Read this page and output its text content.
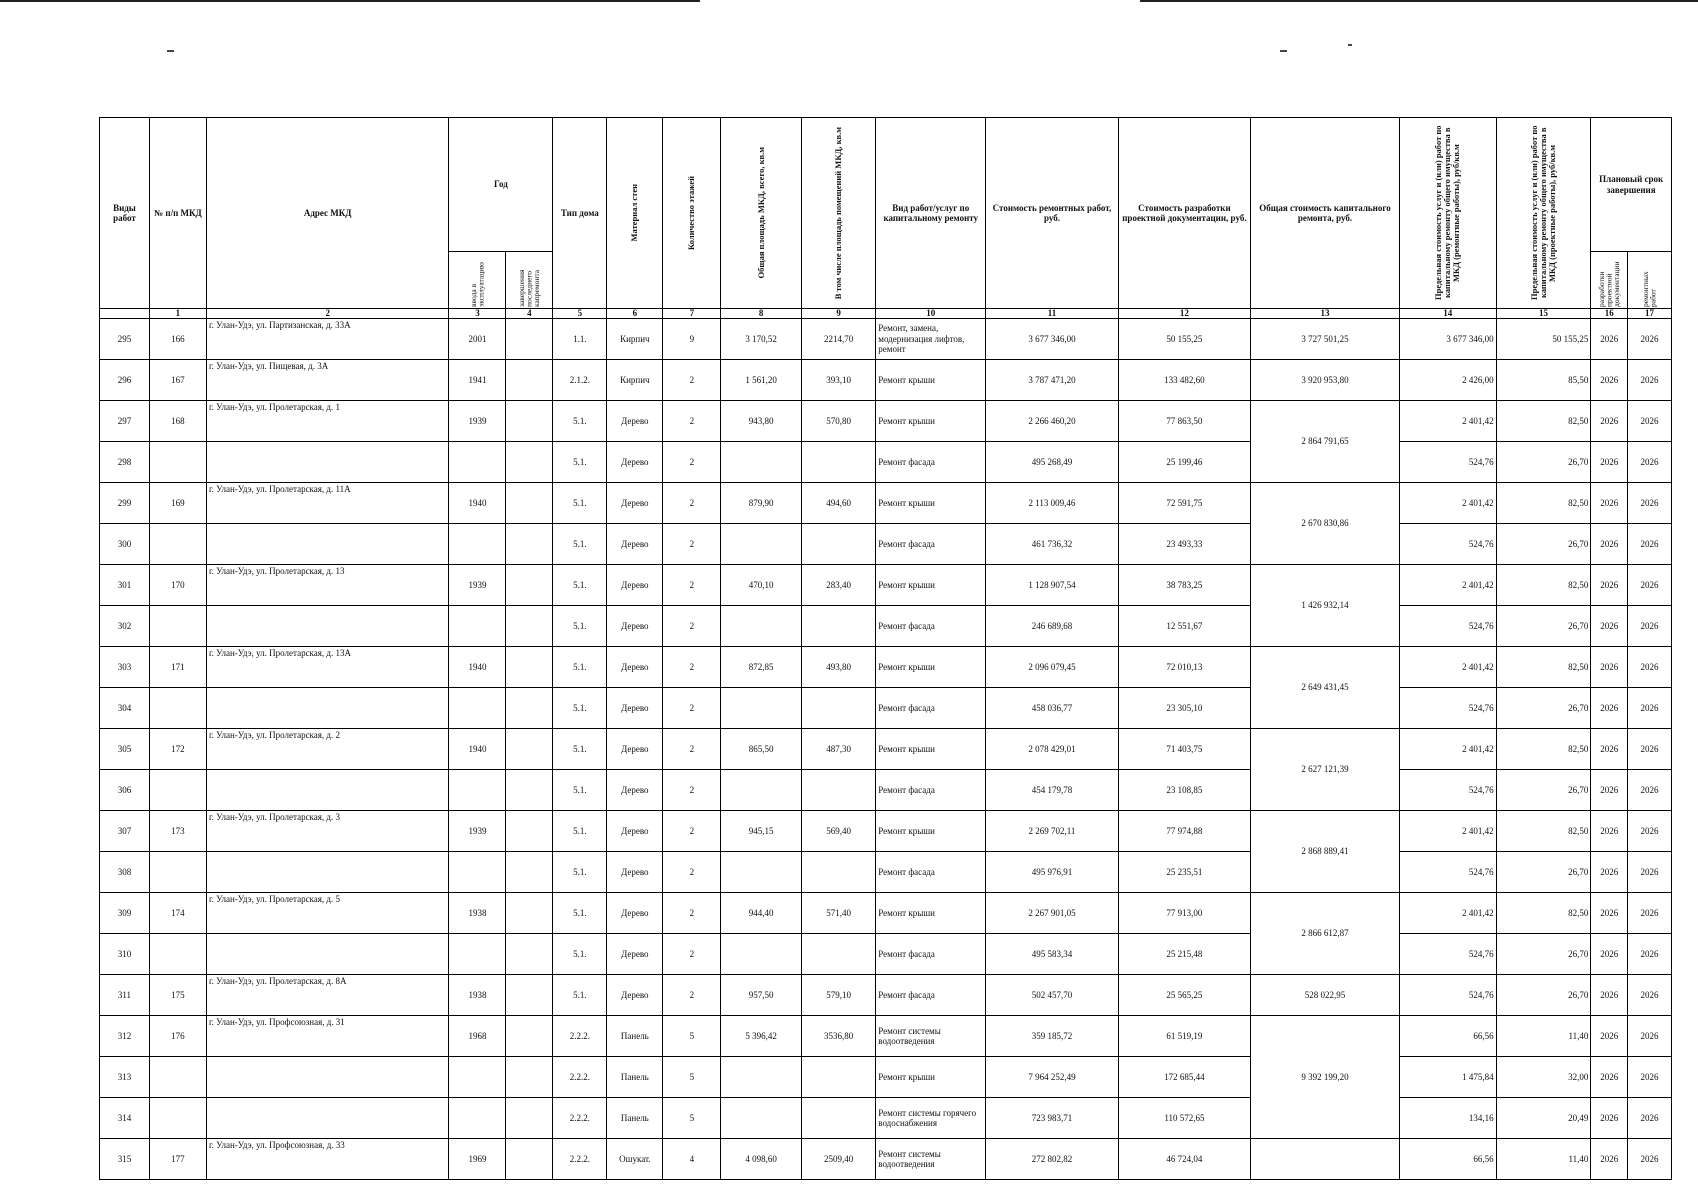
Виды работ	№ п/п МКД	Адрес МКД	Год		Тип дома	Материал стен	Количество этажей	Общая площадь МКД, всего, кв.м	В том числе площадь помещений МКД, кв.м	Вид работ/услуг по капитальному ремонту	Стоимость ремонтных работ, руб.	Стоимость разработки проектной документации, руб.	Общая стоимость капитального ремонта, руб.	Предельная стоимость услуг и (или) работ по капитальному ремонту общего имущества в МКД (ремонтные работы), руб/кв.м	Предельная стоимость услуг и (или) работ по капитальному ремонту общего имущества в МКД (проектные работы), руб/кв.м	Плановый срок завершения	

			ввода в эксплуатацию	завершения последнего капремонта												разработки проектной документации	ремонтных работ

	1	2	3	4	5	6	7	8	9	10	11	12	13	14	15	16	17
295	166	г. Улан-Удэ, ул. Партизанская, д. 33А	2001		1.1.	Кирпич	9	3 170,52	2214,70	Ремонт, замена, модернизация лифтов, ремонт	3 677 346,00	50 155,25	3 727 501,25	3 677 346,00	50 155,25	2026	2026
296	167	г. Улан-Удэ, ул. Пищевая, д. 3А	1941		2.1.2.	Кирпич	2	1 561,20	393,10	Ремонт крыши	3 787 471,20	133 482,60	3 920 953,80	2 426,00	85,50	2026	2026
297	168	г. Улан-Удэ, ул. Пролетарская, д. 1	1939		5.1.	Дерево	2	943,80	570,80	Ремонт крыши	2 266 460,20	77 863,50	2 864 791,65	2 401,42	82,50	2026	2026
298					5.1.	Дерево	2			Ремонт фасада	495 268,49	25 199,46		524,76	26,70	2026	2026
299	169	г. Улан-Удэ, ул. Пролетарская, д. 11А	1940		5.1.	Дерево	2	879,90	494,60	Ремонт крыши	2 113 009,46	72 591,75	2 670 830,86	2 401,42	82,50	2026	2026
300					5.1.	Дерево	2			Ремонт фасада	461 736,32	23 493,33		524,76	26,70	2026	2026
301	170	г. Улан-Удэ, ул. Пролетарская, д. 13	1939		5.1.	Дерево	2	470,10	283,40	Ремонт крыши	1 128 907,54	38 783,25	1 426 932,14	2 401,42	82,50	2026	2026
302					5.1.	Дерево	2			Ремонт фасада	246 689,68	12 551,67		524,76	26,70	2026	2026
303	171	г. Улан-Удэ, ул. Пролетарская, д. 13А	1940		5.1.	Дерево	2	872,85	493,80	Ремонт крыши	2 096 079,45	72 010,13	2 649 431,45	2 401,42	82,50	2026	2026
304					5.1.	Дерево	2			Ремонт фасада	458 036,77	23 305,10		524,76	26,70	2026	2026
305	172	г. Улан-Удэ, ул. Пролетарская, д. 2	1940		5.1.	Дерево	2	865,50	487,30	Ремонт крыши	2 078 429,01	71 403,75	2 627 121,39	2 401,42	82,50	2026	2026
306					5.1.	Дерево	2			Ремонт фасада	454 179,78	23 108,85		524,76	26,70	2026	2026
307	173	г. Улан-Удэ, ул. Пролетарская, д. 3	1939		5.1.	Дерево	2	945,15	569,40	Ремонт крыши	2 269 702,11	77 974,88	2 868 889,41	2 401,42	82,50	2026	2026
308					5.1.	Дерево	2			Ремонт фасада	495 976,91	25 235,51		524,76	26,70	2026	2026
309	174	г. Улан-Удэ, ул. Пролетарская, д. 5	1938		5.1.	Дерево	2	944,40	571,40	Ремонт крыши	2 267 901,05	77 913,00	2 866 612,87	2 401,42	82,50	2026	2026
310					5.1.	Дерево	2			Ремонт фасада	495 583,34	25 215,48		524,76	26,70	2026	2026
311	175	г. Улан-Удэ, ул. Пролетарская, д. 8А	1938		5.1.	Дерево	2	957,50	579,10	Ремонт фасада	502 457,70	25 565,25	528 022,95	524,76	26,70	2026	2026
312	176	г. Улан-Удэ, ул. Профсоюзная, д. 31	1968		2.2.2.	Панель	5	5 396,42	3536,80	Ремонт системы водоотведения	359 185,72	61 519,19	9 392 199,20	66,56	11,40	2026	2026
313					2.2.2.	Панель	5			Ремонт крыши	7 964 252,49	172 685,44		1 475,84	32,00	2026	2026
314					2.2.2.	Панель	5			Ремонт системы горячего водоснабжения	723 983,71	110 572,65		134,16	20,49	2026	2026
315	177	г. Улан-Удэ, ул. Профсоюзная, д. 33	1969		2.2.2.	Ошукат.	4	4 098,60	2509,40	Ремонт системы водоотведения	272 802,82	46 724,04		66,56	11,40	2026	2026
